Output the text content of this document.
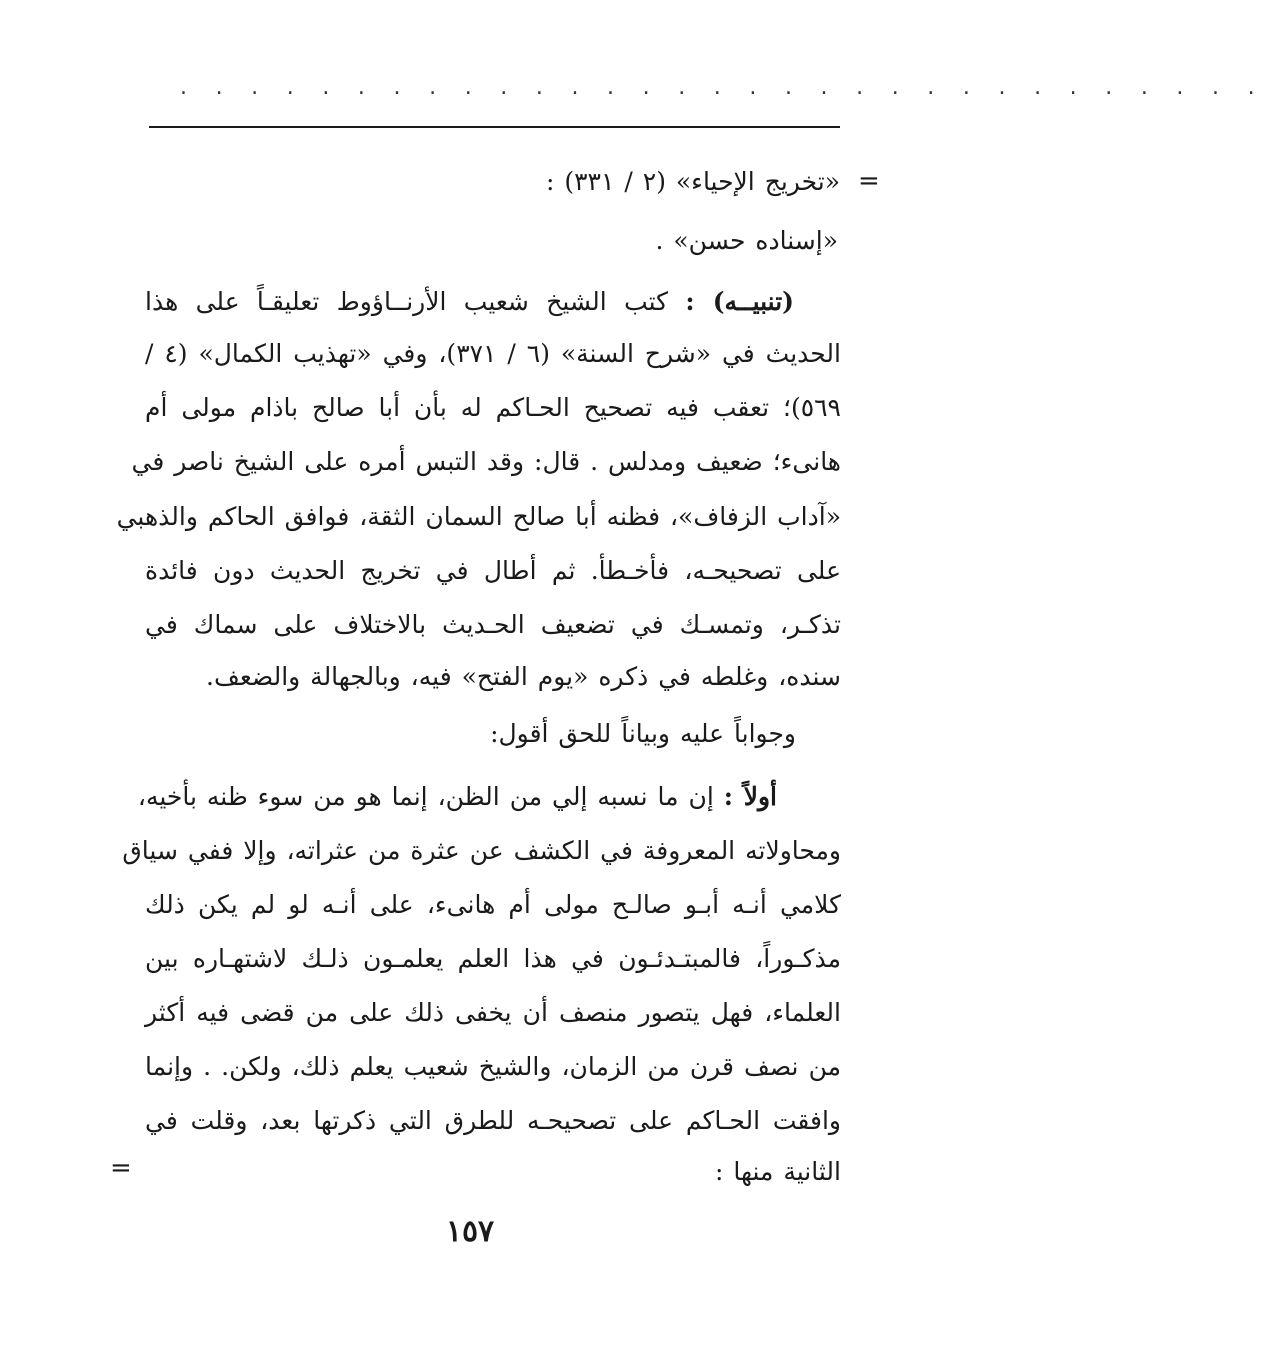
. . . . . . . . . . . . . . . . . . . . . . . . . . . . . . .
=
«تخريج الإحياء» (٢ / ٣٣١) :
«إسناده حسن» .
(تنبيــه) : كتب الشيخ شعيب الأرنــاؤوط تعليقـاً على هذا
الحديث في «شرح السنة» (٦ / ٣٧١)، وفي «تهذيب الكمال» (٤ /
٥٦٩)؛ تعقب فيه تصحيح الحـاكم له بأن أبا صالح باذام مولى أم
هانىء؛ ضعيف ومدلس . قال: وقد التبس أمره على الشيخ ناصر في
«آداب الزفاف»، فظنه أبا صالح السمان الثقة، فوافق الحاكم والذهبي
على تصحيحـه، فأخـطأ. ثم أطال في تخريج الحديث دون فائدة
تذكـر، وتمسـك في تضعيف الحـديث بالاختلاف على سماك في
سنده، وغلطه في ذكره «يوم الفتح» فيه، وبالجهالة والضعف.
وجواباً عليه وبياناً للحق أقول:
أولاً : إن ما نسبه إلي من الظن، إنما هو من سوء ظنه بأخيه،
ومحاولاته المعروفة في الكشف عن عثرة من عثراته، وإلا ففي سياق
كلامي أنـه أبـو صالـح مولى أم هانىء، على أنـه لو لم يكن ذلك
مذكـوراً، فالمبتـدئـون في هذا العلم يعلمـون ذلـك لاشتهـاره بين
العلماء، فهل يتصور منصف أن يخفى ذلك على من قضى فيه أكثر
من نصف قرن من الزمان، والشيخ شعيب يعلم ذلك، ولكن. . وإنما
وافقت الحـاكم على تصحيحـه للطرق التي ذكرتها بعد، وقلت في
الثانية منها :
=
١٥٧
